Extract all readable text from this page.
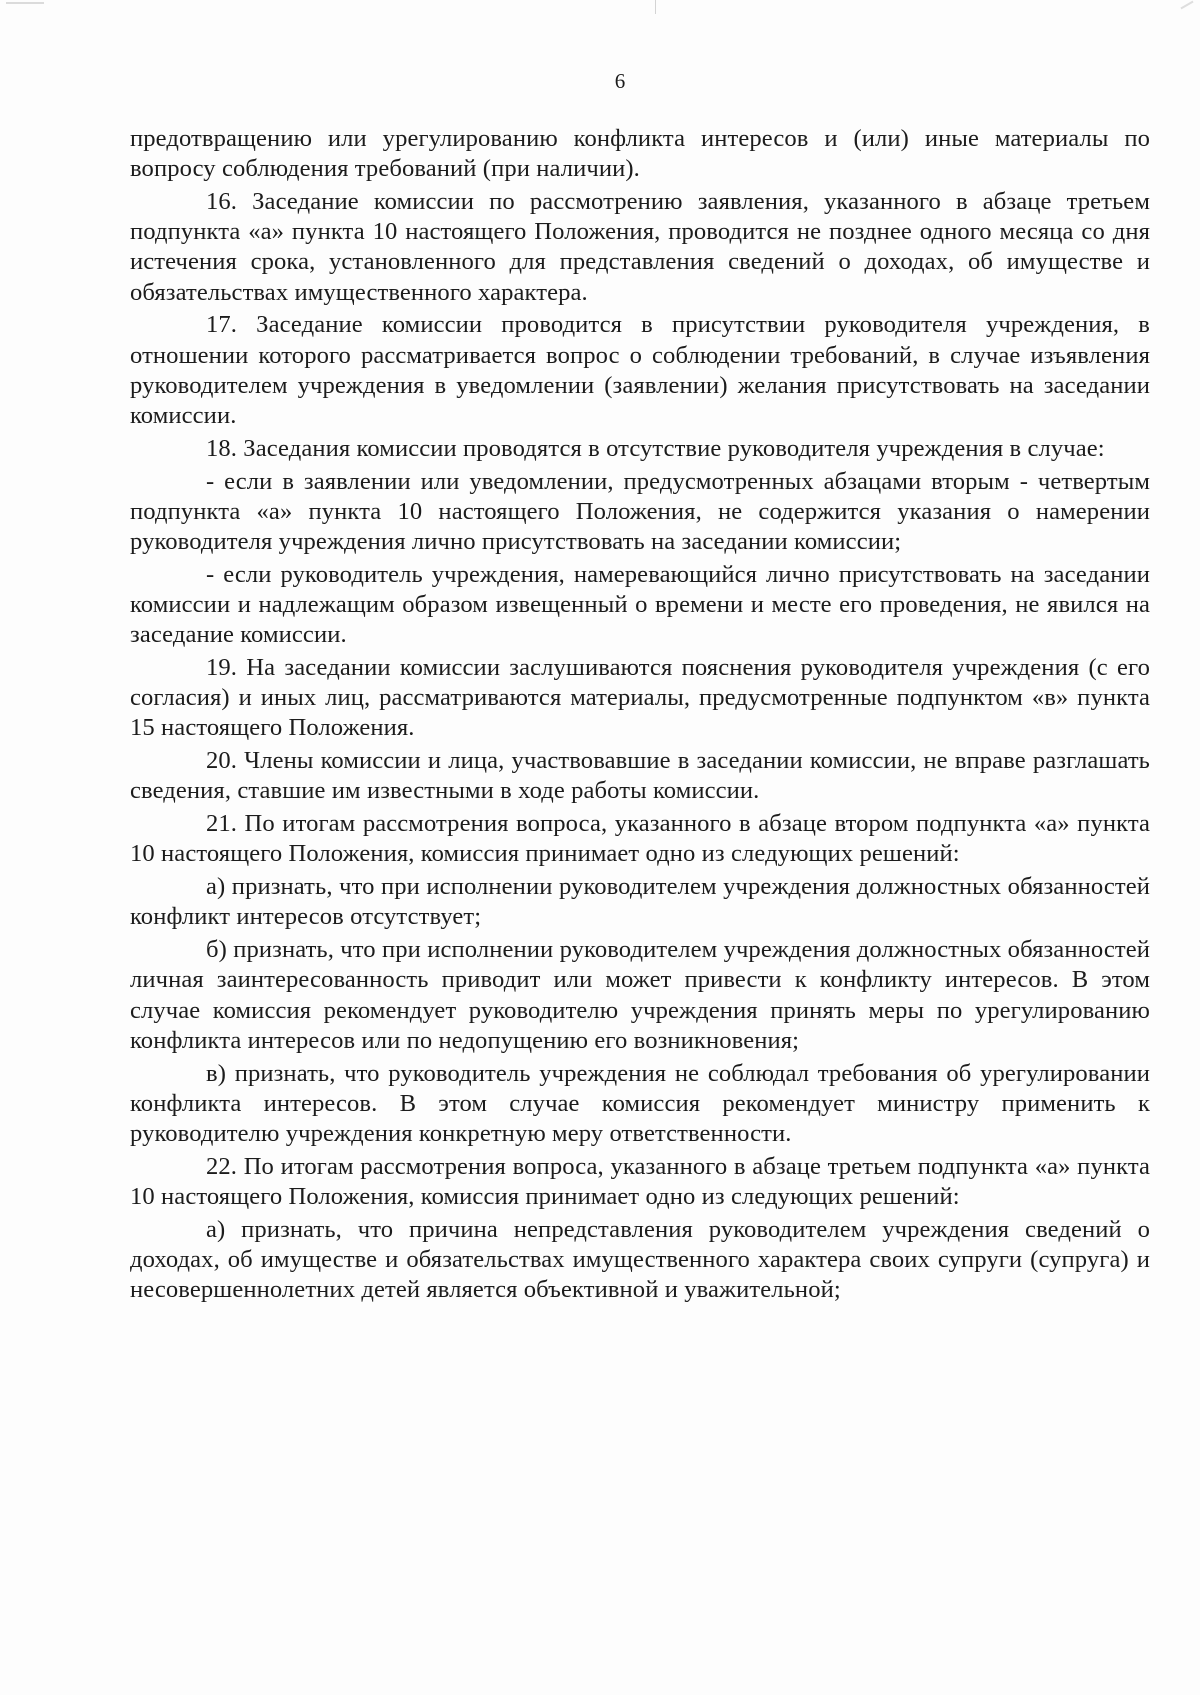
6

предотвращению или урегулированию конфликта интересов и (или) иные материалы по вопросу соблюдения требований (при наличии).

16. Заседание комиссии по рассмотрению заявления, указанного в абзаце третьем подпункта «а» пункта 10 настоящего Положения, проводится не позднее одного месяца со дня истечения срока, установленного для представления сведений о доходах, об имуществе и обязательствах имущественного характера.

17. Заседание комиссии проводится в присутствии руководителя учреждения, в отношении которого рассматривается вопрос о соблюдении требований, в случае изъявления руководителем учреждения в уведомлении (заявлении) желания присутствовать на заседании комиссии.

18. Заседания комиссии проводятся в отсутствие руководителя учреждения в случае:

- если в заявлении или уведомлении, предусмотренных абзацами вторым - четвертым подпункта «а» пункта 10 настоящего Положения, не содержится указания о намерении руководителя учреждения лично присутствовать на заседании комиссии;

- если руководитель учреждения, намеревающийся лично присутствовать на заседании комиссии и надлежащим образом извещенный о времени и месте его проведения, не явился на заседание комиссии.

19. На заседании комиссии заслушиваются пояснения руководителя учреждения (с его согласия) и иных лиц, рассматриваются материалы, предусмотренные подпунктом «в» пункта 15 настоящего Положения.

20. Члены комиссии и лица, участвовавшие в заседании комиссии, не вправе разглашать сведения, ставшие им известными в ходе работы комиссии.

21. По итогам рассмотрения вопроса, указанного в абзаце втором подпункта «а» пункта 10 настоящего Положения, комиссия принимает одно из следующих решений:

а) признать, что при исполнении руководителем учреждения должностных обязанностей конфликт интересов отсутствует;

б) признать, что при исполнении руководителем учреждения должностных обязанностей личная заинтересованность приводит или может привести к конфликту интересов. В этом случае комиссия рекомендует руководителю учреждения принять меры по урегулированию конфликта интересов или по недопущению его возникновения;

в) признать, что руководитель учреждения не соблюдал требования об урегулировании конфликта интересов. В этом случае комиссия рекомендует министру применить к руководителю учреждения конкретную меру ответственности.

22. По итогам рассмотрения вопроса, указанного в абзаце третьем подпункта «а» пункта 10 настоящего Положения, комиссия принимает одно из следующих решений:

а) признать, что причина непредставления руководителем учреждения сведений о доходах, об имуществе и обязательствах имущественного характера своих супруги (супруга) и несовершеннолетних детей является объективной и уважительной;
